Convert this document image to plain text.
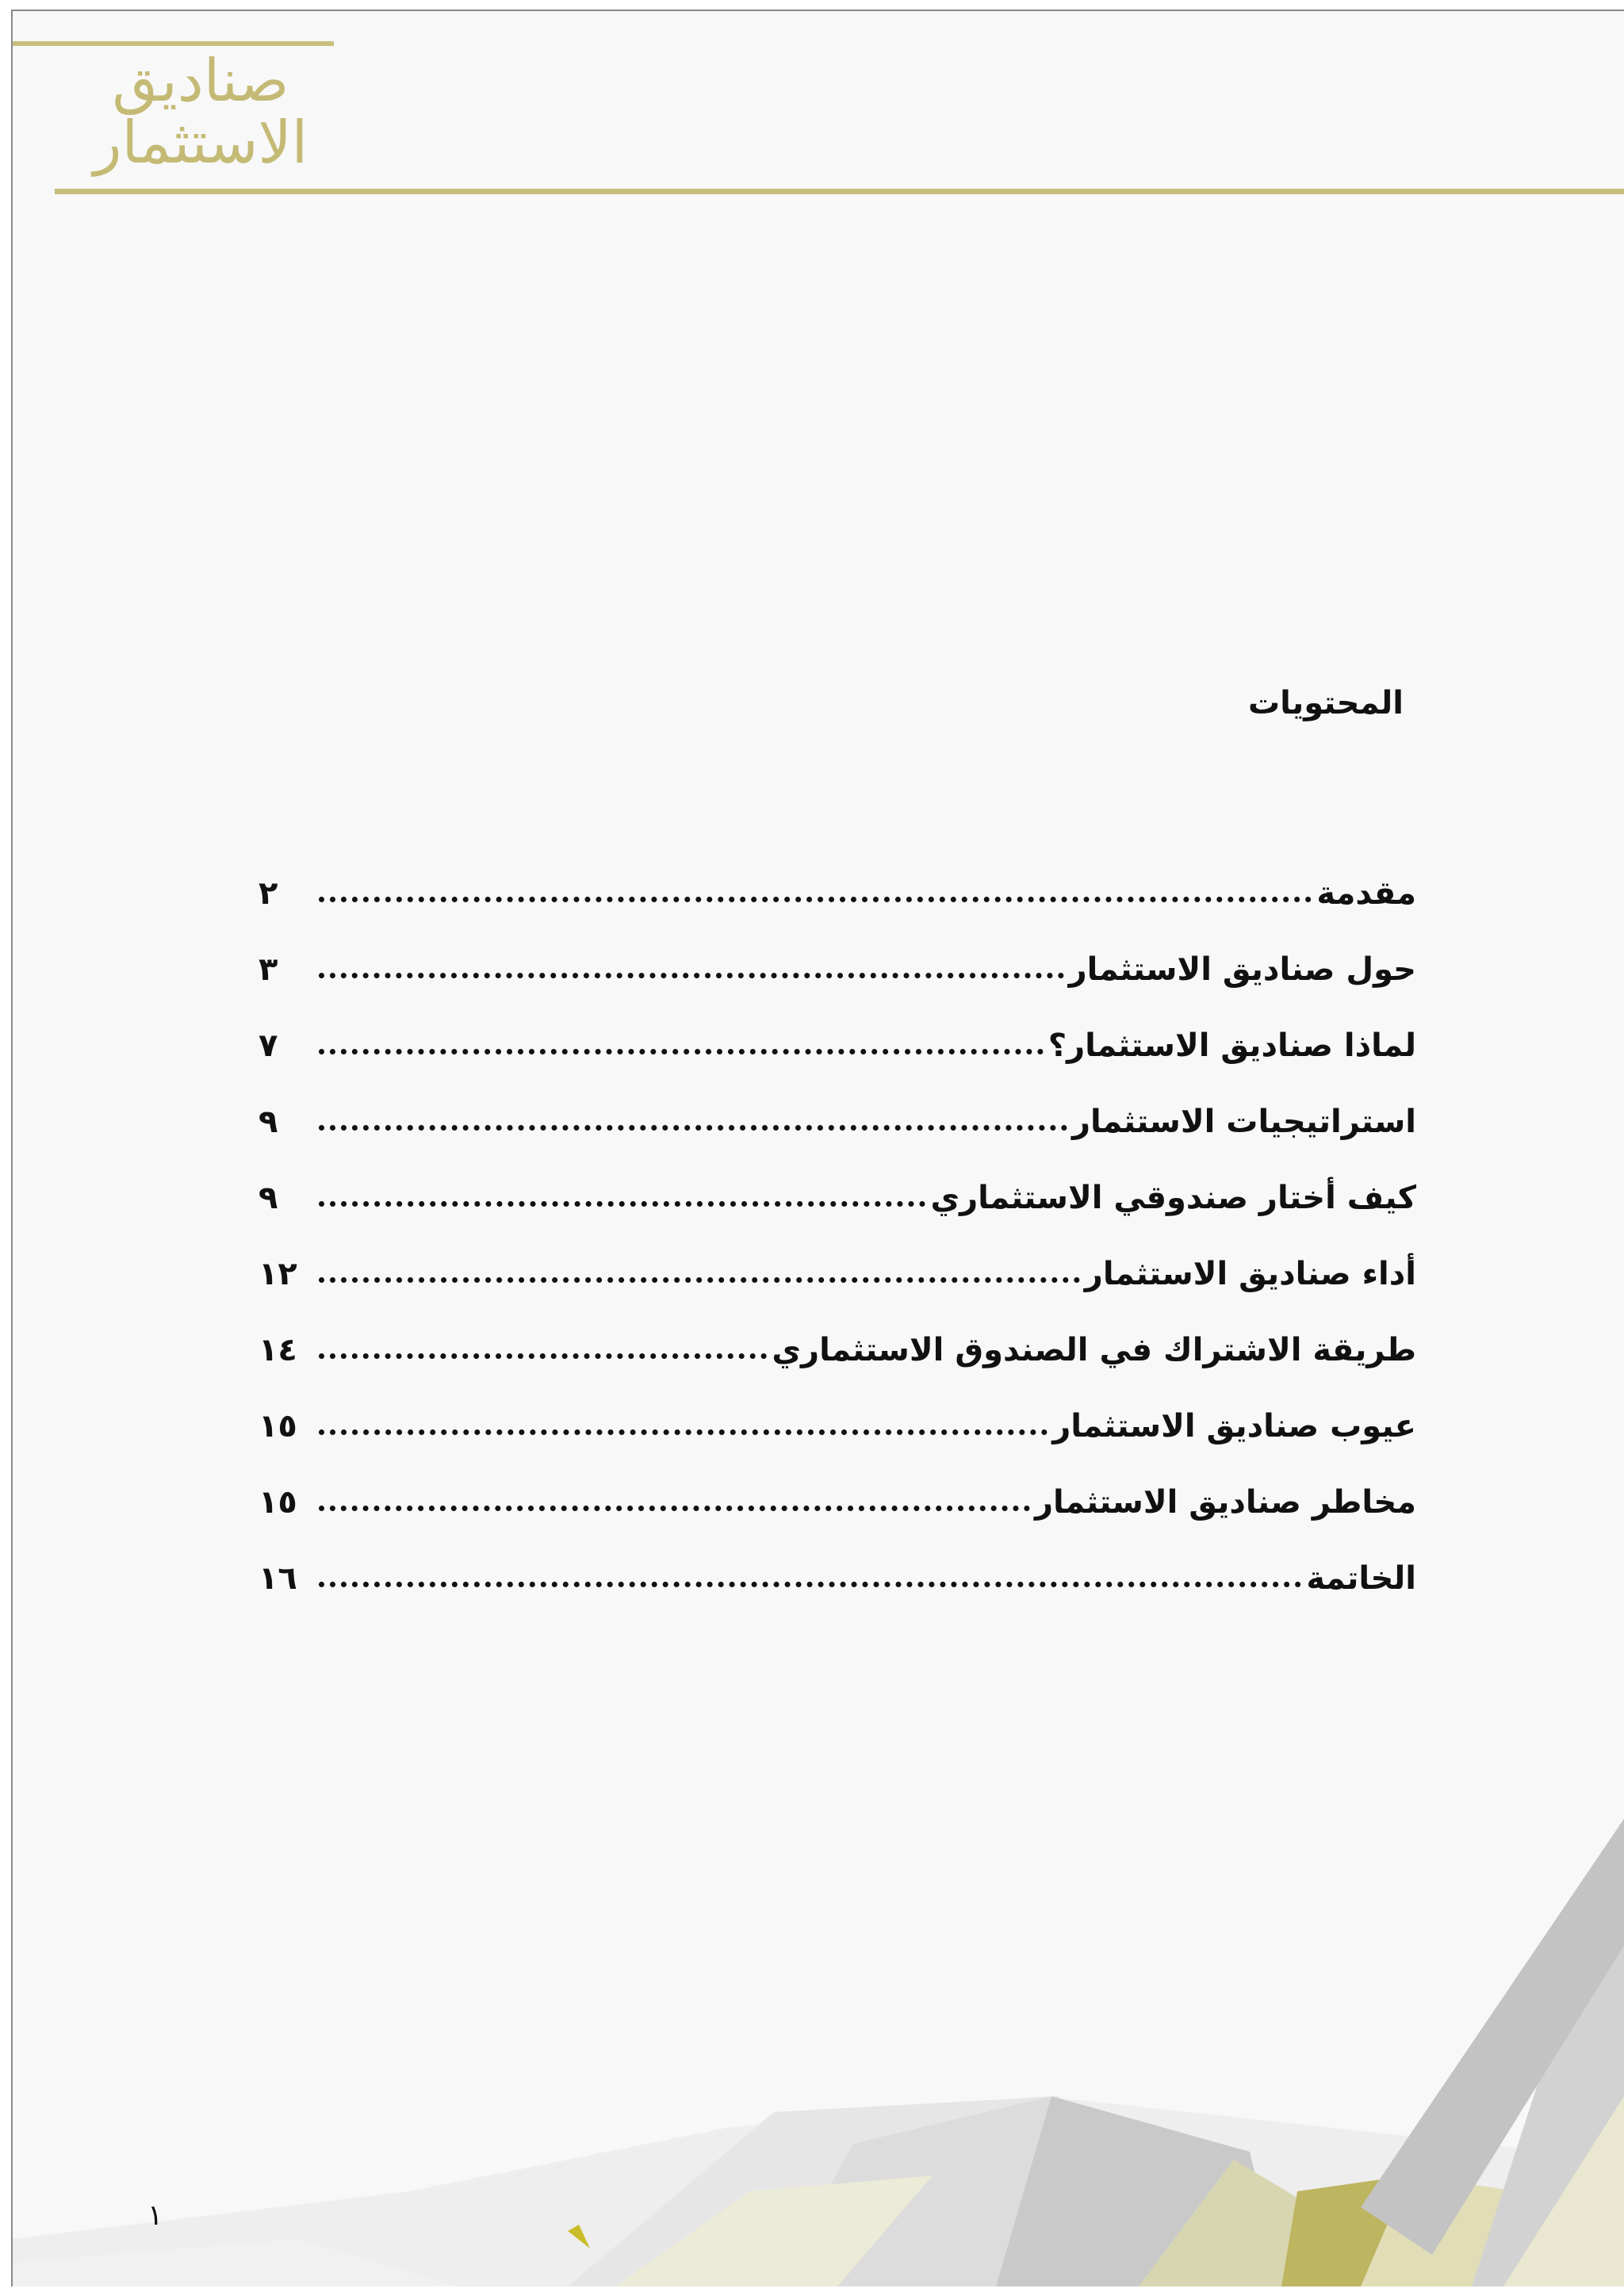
صناديق
الاستثمار
المحتويات
مقدمة
٢
حول صناديق الاستثمار
٣
لماذا صناديق الاستثمار؟
٧
استراتيجيات الاستثمار
٩
كيف أختار صندوقي الاستثماري
٩
أداء صناديق الاستثمار
١٢
طريقة الاشتراك في الصندوق الاستثماري
١٤
عيوب صناديق الاستثمار
١٥
مخاطر صناديق الاستثمار
١٥
الخاتمة
١٦
١
